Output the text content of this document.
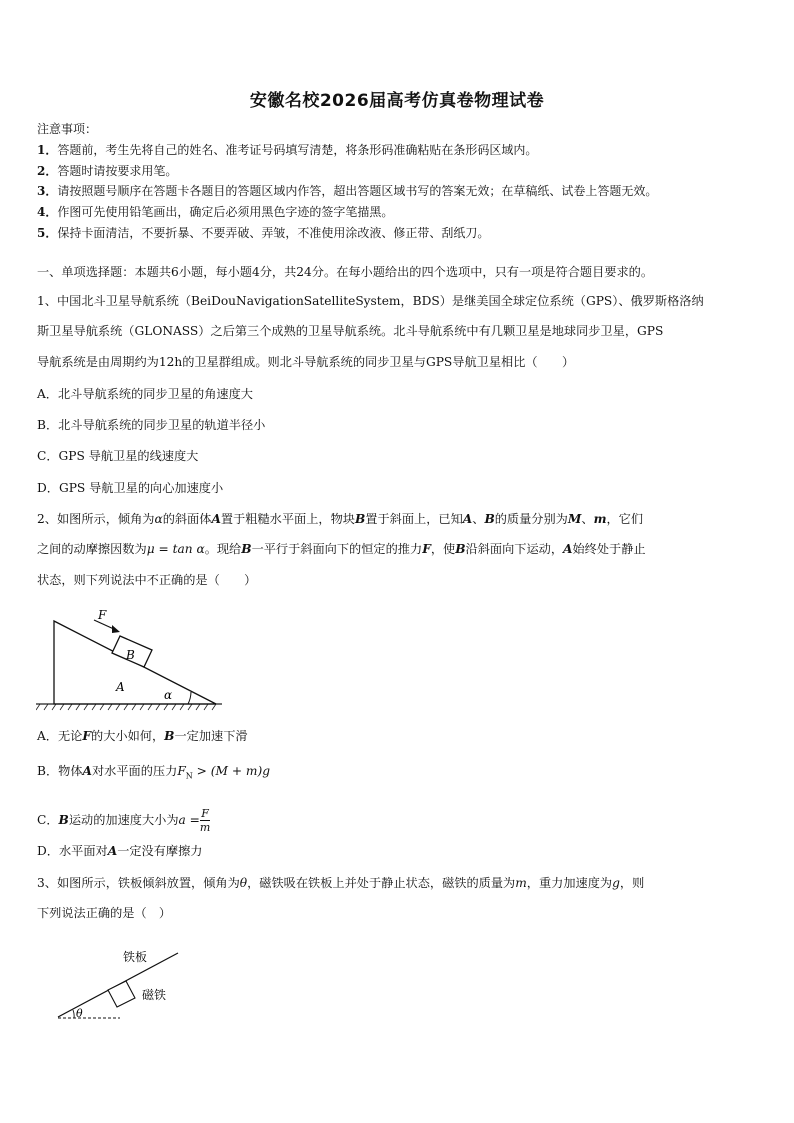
安徽名校2026届高考仿真卷物理试卷
注意事项：
1．答题前，考生先将自己的姓名、准考证号码填写清楚，将条形码准确粘贴在条形码区域内。
2．答题时请按要求用笔。
3．请按照题号顺序在答题卡各题目的答题区域内作答，超出答题区域书写的答案无效；在草稿纸、试卷上答题无效。
4．作图可先使用铅笔画出，确定后必须用黑色字迹的签字笔描黑。
5．保持卡面清洁，不要折暴、不要弄破、弄皱，不准使用涂改液、修正带、刮纸刀。
一、单项选择题：本题共6小题，每小题4分，共24分。在每小题给出的四个选项中，只有一项是符合题目要求的。
1、中国北斗卫星导航系统（BeiDouNavigationSatelliteSystem，BDS）是继美国全球定位系统（GPS）、俄罗斯格洛纳
斯卫星导航系统（GLONASS）之后第三个成熟的卫星导航系统。北斗导航系统中有几颗卫星是地球同步卫星，GPS
导航系统是由周期约为12h的卫星群组成。则北斗导航系统的同步卫星与GPS导航卫星相比（　　）
A．北斗导航系统的同步卫星的角速度大
B．北斗导航系统的同步卫星的轨道半径小
C．GPS 导航卫星的线速度大
D．GPS 导航卫星的向心加速度小
2、如图所示，倾角为α的斜面体A置于粗糙水平面上，物块B置于斜面上，已知A、B的质量分别为M、m，它们
之间的动摩擦因数为μ = tan α。现给B一平行于斜面向下的恒定的推力F，使B沿斜面向下运动，A始终处于静止
状态，则下列说法中不正确的是（　　）
F
B
A
α
A．无论F的大小如何，B一定加速下滑
B．物体A对水平面的压力$F_N > (M + m)g$
C．B运动的加速度大小为$a = \frac{F}{m}$
D．水平面对A一定没有摩擦力
3、如图所示，铁板倾斜放置，倾角为θ，磁铁吸在铁板上并处于静止状态，磁铁的质量为m，重力加速度为g，则
下列说法正确的是（　）
铁板
磁铁
θ
